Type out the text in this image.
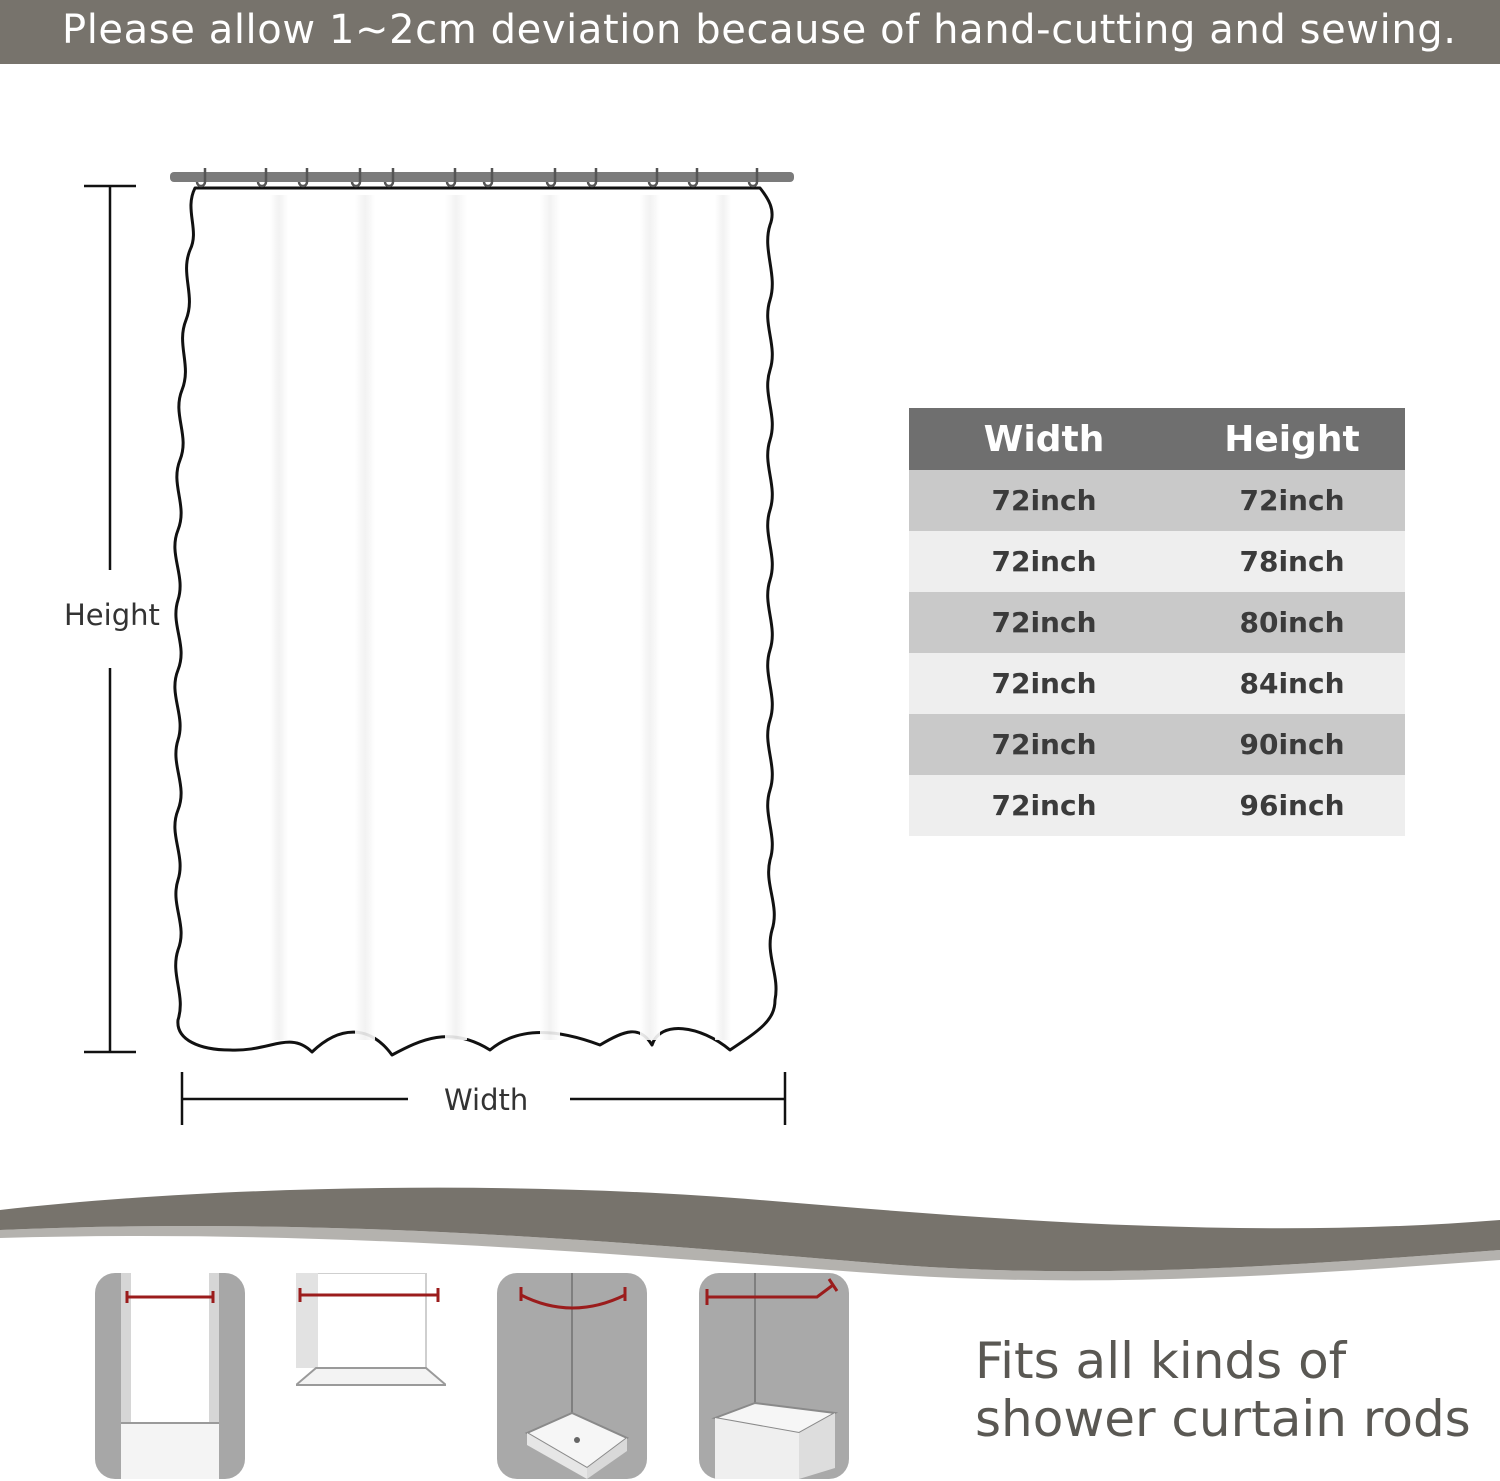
Please allow 1~2cm deviation because of hand-cutting and sewing.
Height
Width
Width	Height
72inch	72inch
72inch	78inch
72inch	80inch
72inch	84inch
72inch	90inch
72inch	96inch
Fits all kinds of
shower curtain rods
